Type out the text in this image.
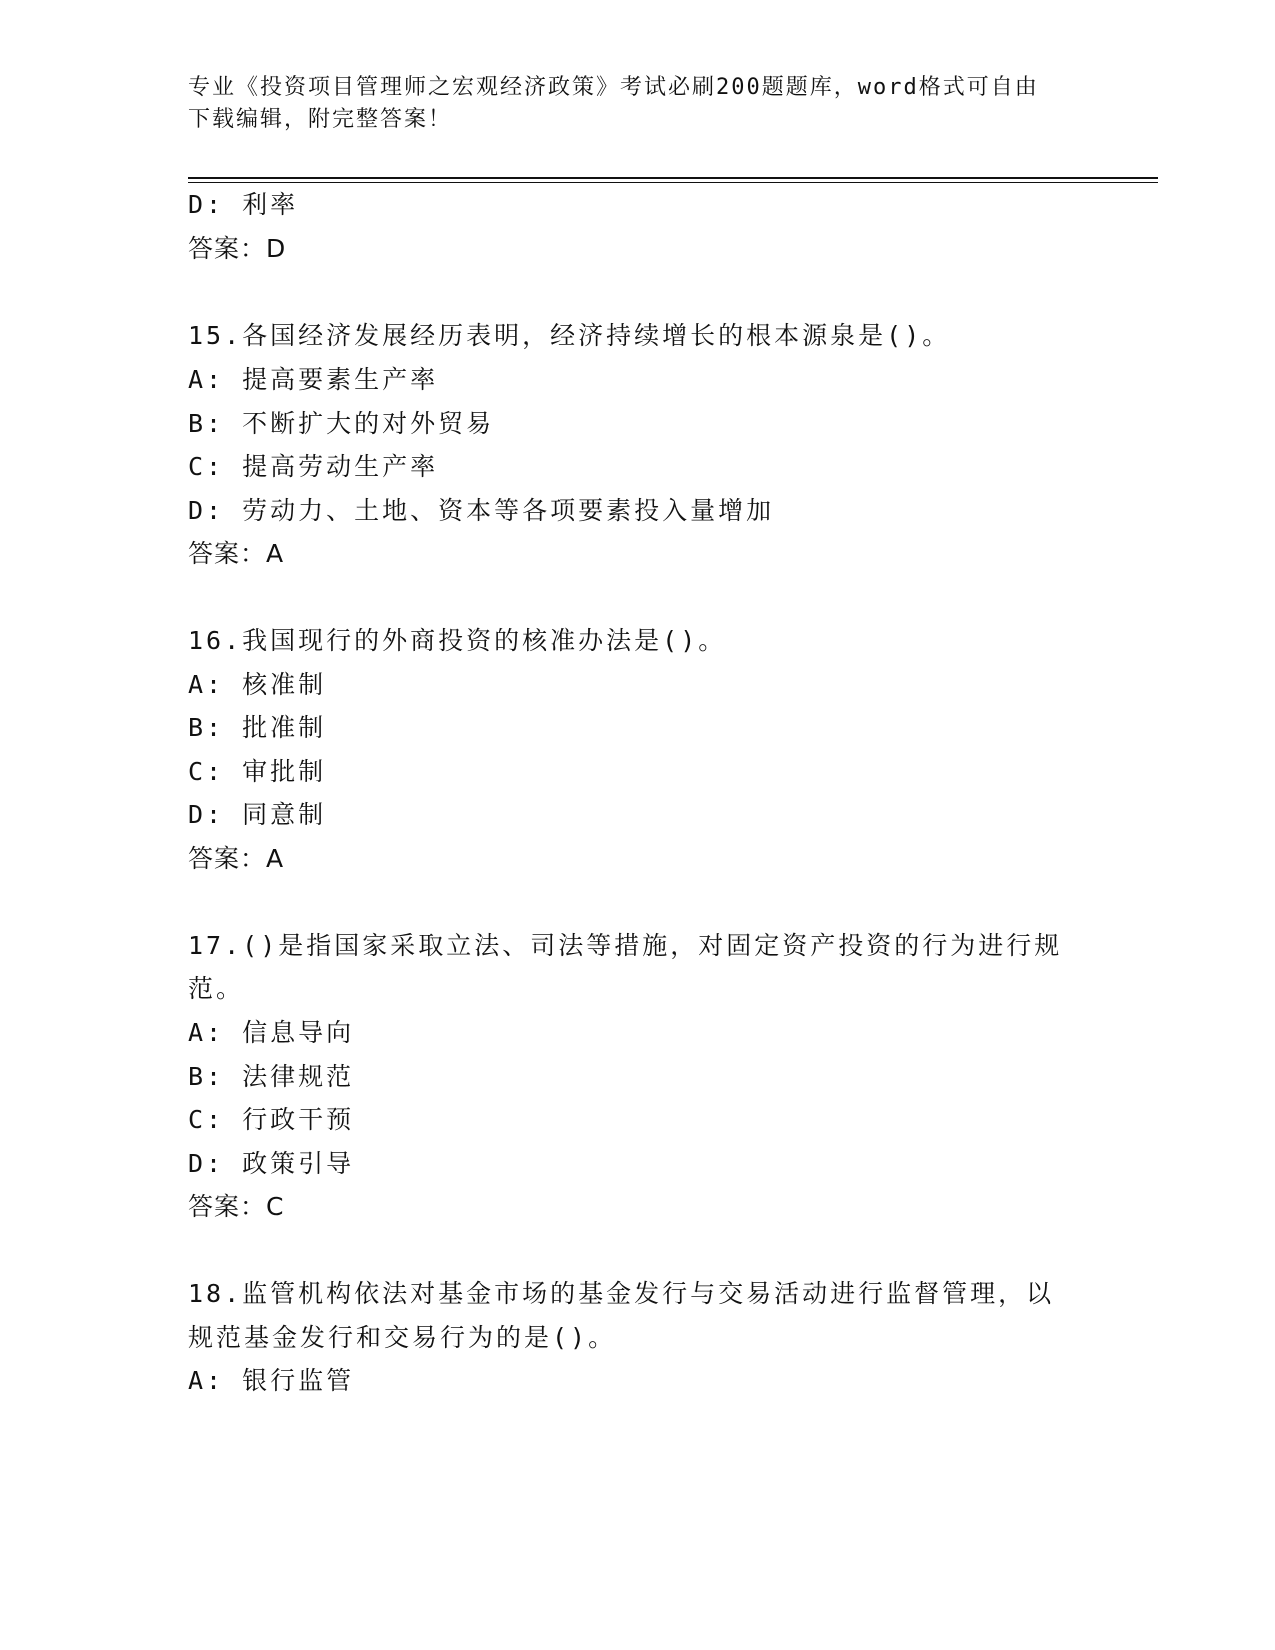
专业《投资项目管理师之宏观经济政策》考试必刷200题题库，word格式可自由
下载编辑，附完整答案！
D: 利率
答案：D
15.各国经济发展经历表明，经济持续增长的根本源泉是()。
A: 提高要素生产率
B: 不断扩大的对外贸易
C: 提高劳动生产率
D: 劳动力、土地、资本等各项要素投入量增加
答案：A
16.我国现行的外商投资的核准办法是()。
A: 核准制
B: 批准制
C: 审批制
D: 同意制
答案：A
17.()是指国家采取立法、司法等措施，对固定资产投资的行为进行规
范。
A: 信息导向
B: 法律规范
C: 行政干预
D: 政策引导
答案：C
18.监管机构依法对基金市场的基金发行与交易活动进行监督管理，以
规范基金发行和交易行为的是()。
A: 银行监管
